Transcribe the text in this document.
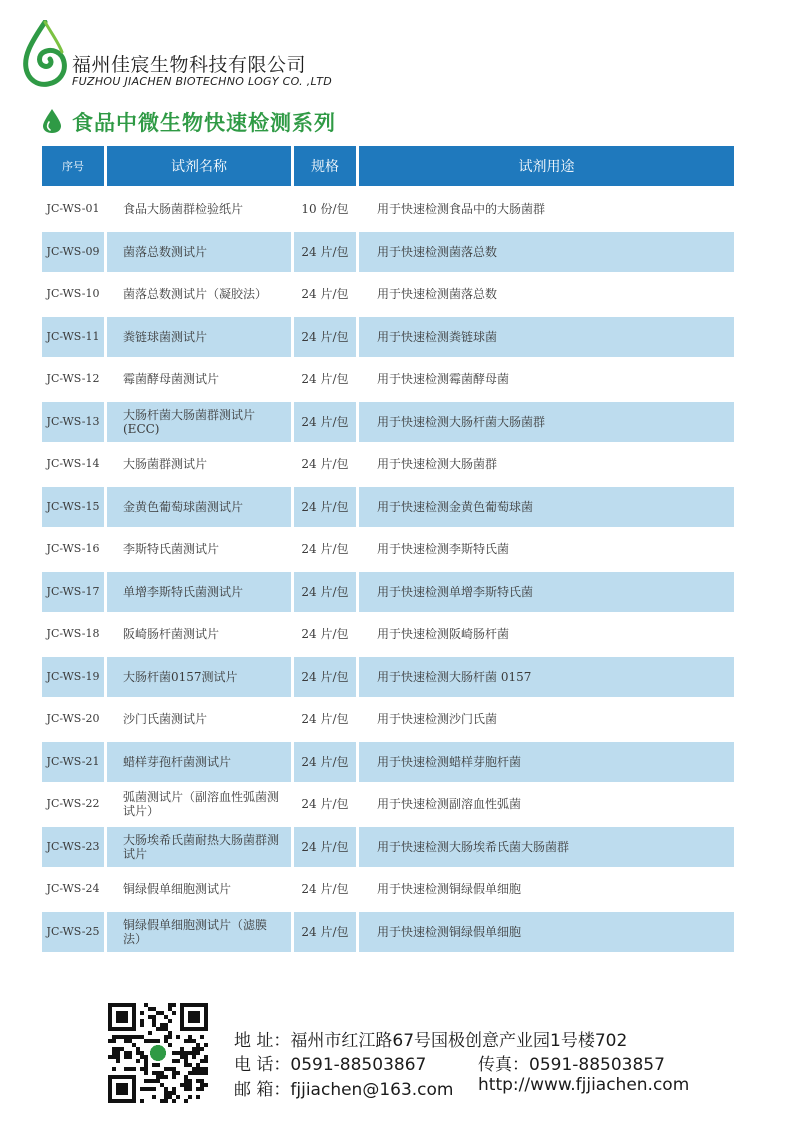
福州佳宸生物科技有限公司
FUZHOU JIACHEN BIOTECHNO LOGY CO. ,LTD
食品中微生物快速检测系列
序号	试剂名称	规格	试剂用途
JC-WS-01	食品大肠菌群检验纸片	10 份/包	用于快速检测食品中的大肠菌群
JC-WS-09	菌落总数测试片	24 片/包	用于快速检测菌落总数
JC-WS-10	菌落总数测试片（凝胶法）	24 片/包	用于快速检测菌落总数
JC-WS-11	粪链球菌测试片	24 片/包	用于快速检测粪链球菌
JC-WS-12	霉菌酵母菌测试片	24 片/包	用于快速检测霉菌酵母菌
JC-WS-13	大肠杆菌大肠菌群测试片(ECC)	24 片/包	用于快速检测大肠杆菌大肠菌群
JC-WS-14	大肠菌群测试片	24 片/包	用于快速检测大肠菌群
JC-WS-15	金黄色葡萄球菌测试片	24 片/包	用于快速检测金黄色葡萄球菌
JC-WS-16	李斯特氏菌测试片	24 片/包	用于快速检测李斯特氏菌
JC-WS-17	单增李斯特氏菌测试片	24 片/包	用于快速检测单增李斯特氏菌
JC-WS-18	阪崎肠杆菌测试片	24 片/包	用于快速检测阪崎肠杆菌
JC-WS-19	大肠杆菌0157测试片	24 片/包	用于快速检测大肠杆菌 0157
JC-WS-20	沙门氏菌测试片	24 片/包	用于快速检测沙门氏菌
JC-WS-21	蜡样芽孢杆菌测试片	24 片/包	用于快速检测蜡样芽胞杆菌
JC-WS-22	弧菌测试片（副溶血性弧菌测试片）	24 片/包	用于快速检测副溶血性弧菌
JC-WS-23	大肠埃希氏菌耐热大肠菌群测试片	24 片/包	用于快速检测大肠埃希氏菌大肠菌群
JC-WS-24	铜绿假单细胞测试片	24 片/包	用于快速检测铜绿假单细胞
JC-WS-25	铜绿假单细胞测试片（滤膜法）	24 片/包	用于快速检测铜绿假单细胞
地 址：福州市红江路67号国极创意产业园1号楼702
电 话：0591-88503867	传真：0591-88503857
邮 箱：fjjiachen@163.com http://www.fjjiachen.com
